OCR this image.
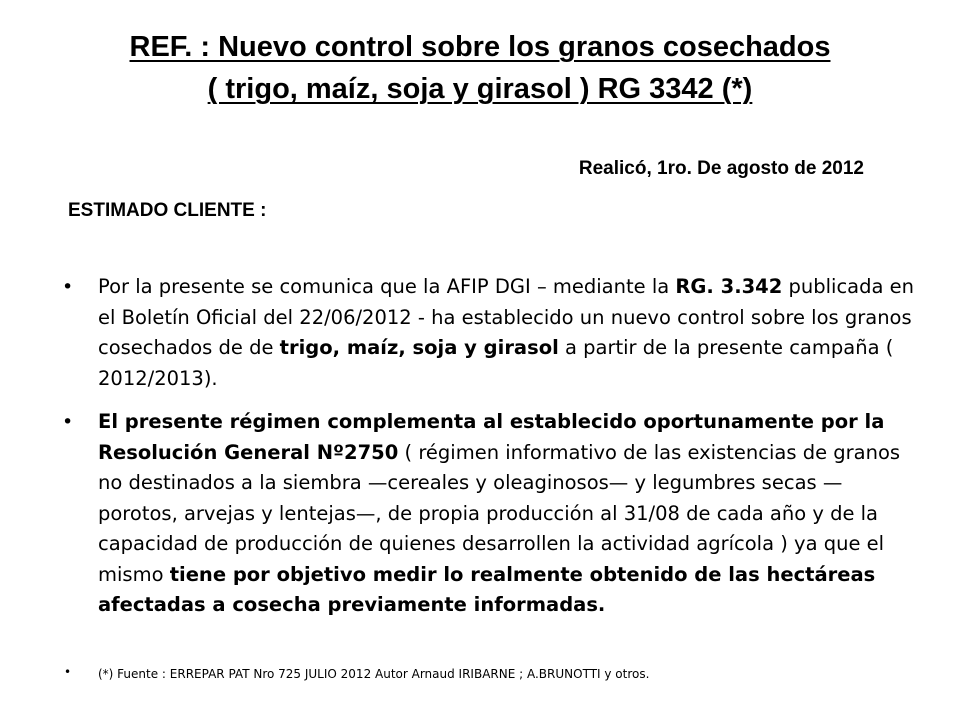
REF. : Nuevo control sobre los granos cosechados
( trigo, maíz, soja y girasol ) RG 3342 (*)
Realicó, 1ro. De agosto de 2012
ESTIMADO CLIENTE :
• Por la presente se comunica que la AFIP DGI – mediante la RG. 3.342 publicada en el Boletín Oficial del 22/06/2012 - ha establecido un nuevo control sobre los granos cosechados de de trigo, maíz, soja y girasol a partir de la presente campaña ( 2012/2013).
• El presente régimen complementa al establecido oportunamente por la Resolución General Nº2750 ( régimen informativo de las existencias de granos no destinados a la siembra —cereales y oleaginosos— y legumbres secas —porotos, arvejas y lentejas—, de propia producción al 31/08 de cada año y de la capacidad de producción de quienes desarrollen la actividad agrícola ) ya que el mismo tiene por objetivo medir lo realmente obtenido de las hectáreas afectadas a cosecha previamente informadas.
• (*) Fuente : ERREPAR PAT Nro 725 JULIO 2012 Autor Arnaud IRIBARNE ; A.BRUNOTTI y otros.
